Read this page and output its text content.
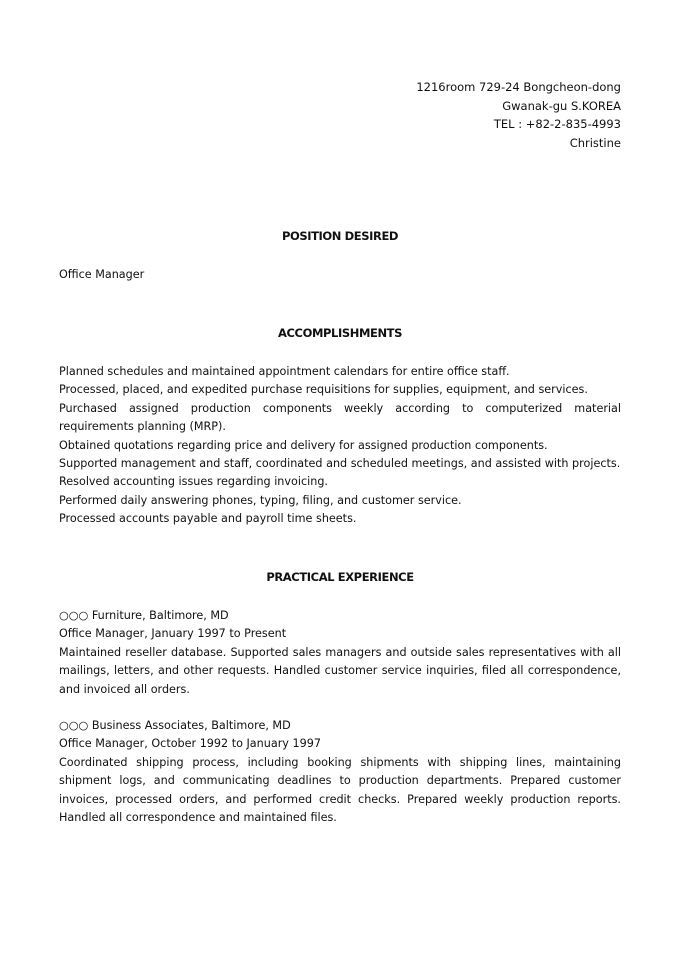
1216room 729-24 Bongcheon-dong
Gwanak-gu S.KOREA
TEL : +82-2-835-4993
Christine
POSITION DESIRED
Office Manager
ACCOMPLISHMENTS
Planned schedules and maintained appointment calendars for entire office staff.
Processed, placed, and expedited purchase requisitions for supplies, equipment, and services.
Purchased assigned production components weekly according to computerized material requirements planning (MRP).
Obtained quotations regarding price and delivery for assigned production components.
Supported management and staff, coordinated and scheduled meetings, and assisted with projects.
Resolved accounting issues regarding invoicing.
Performed daily answering phones, typing, filing, and customer service.
Processed accounts payable and payroll time sheets.
PRACTICAL EXPERIENCE
○○○ Furniture, Baltimore, MD
Office Manager, January 1997 to Present
Maintained reseller database. Supported sales managers and outside sales representatives with all mailings, letters, and other requests. Handled customer service inquiries, filed all correspondence, and invoiced all orders.
○○○ Business Associates, Baltimore, MD
Office Manager, October 1992 to January 1997
Coordinated shipping process, including booking shipments with shipping lines, maintaining shipment logs, and communicating deadlines to production departments. Prepared customer invoices, processed orders, and performed credit checks. Prepared weekly production reports. Handled all correspondence and maintained files.
